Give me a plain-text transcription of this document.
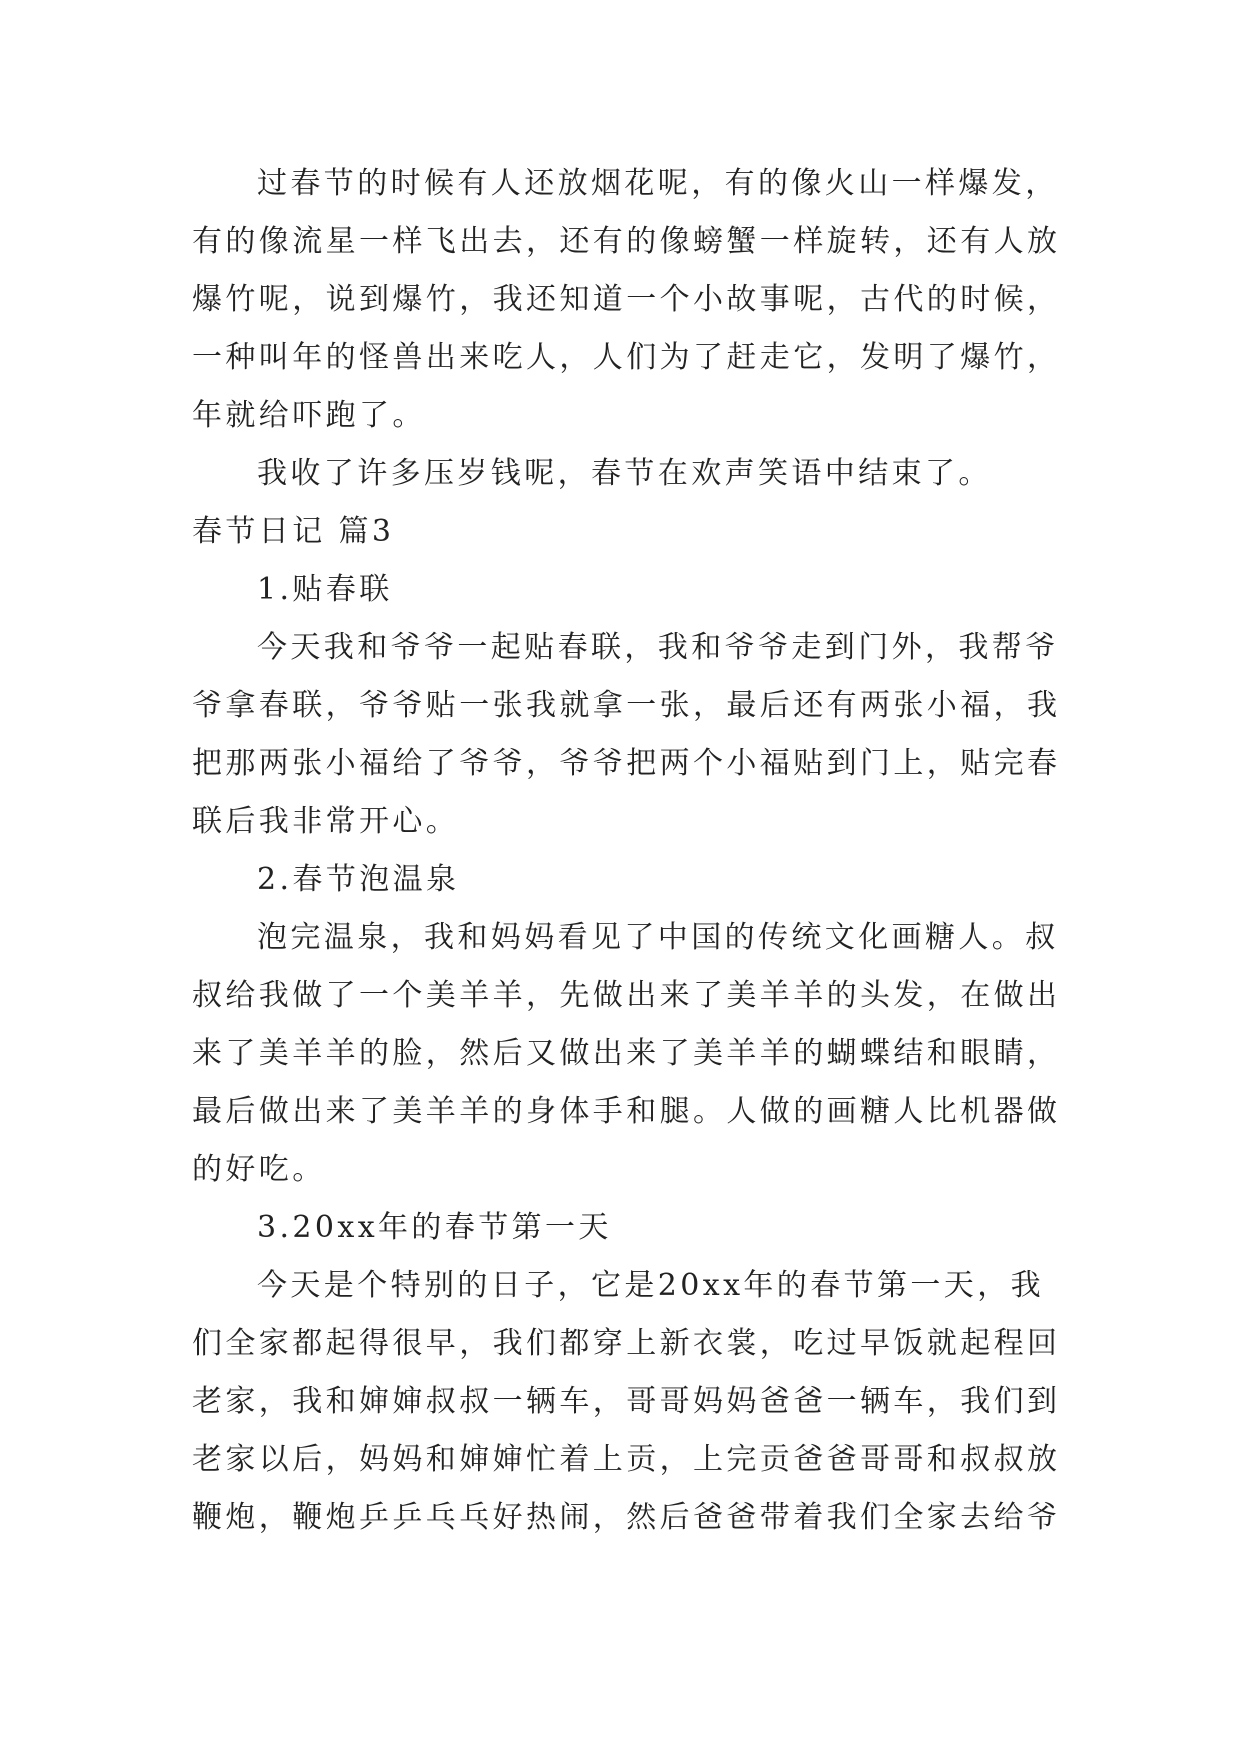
过春节的时候有人还放烟花呢，有的像火山一样爆发，
有的像流星一样飞出去，还有的像螃蟹一样旋转，还有人放
爆竹呢，说到爆竹，我还知道一个小故事呢，古代的时候，
一种叫年的怪兽出来吃人，人们为了赶走它，发明了爆竹，
年就给吓跑了。
我收了许多压岁钱呢，春节在欢声笑语中结束了。
春节日记 篇3
1.贴春联
今天我和爷爷一起贴春联，我和爷爷走到门外，我帮爷
爷拿春联，爷爷贴一张我就拿一张，最后还有两张小福，我
把那两张小福给了爷爷，爷爷把两个小福贴到门上，贴完春
联后我非常开心。
2.春节泡温泉
泡完温泉，我和妈妈看见了中国的传统文化画糖人。叔
叔给我做了一个美羊羊，先做出来了美羊羊的头发，在做出
来了美羊羊的脸，然后又做出来了美羊羊的蝴蝶结和眼睛，
最后做出来了美羊羊的身体手和腿。人做的画糖人比机器做
的好吃。
3.20xx年的春节第一天
今天是个特别的日子，它是20xx年的春节第一天，我
们全家都起得很早，我们都穿上新衣裳，吃过早饭就起程回
老家，我和婶婶叔叔一辆车，哥哥妈妈爸爸一辆车，我们到
老家以后，妈妈和婶婶忙着上贡，上完贡爸爸哥哥和叔叔放
鞭炮，鞭炮乒乒乓乓好热闹，然后爸爸带着我们全家去给爷
